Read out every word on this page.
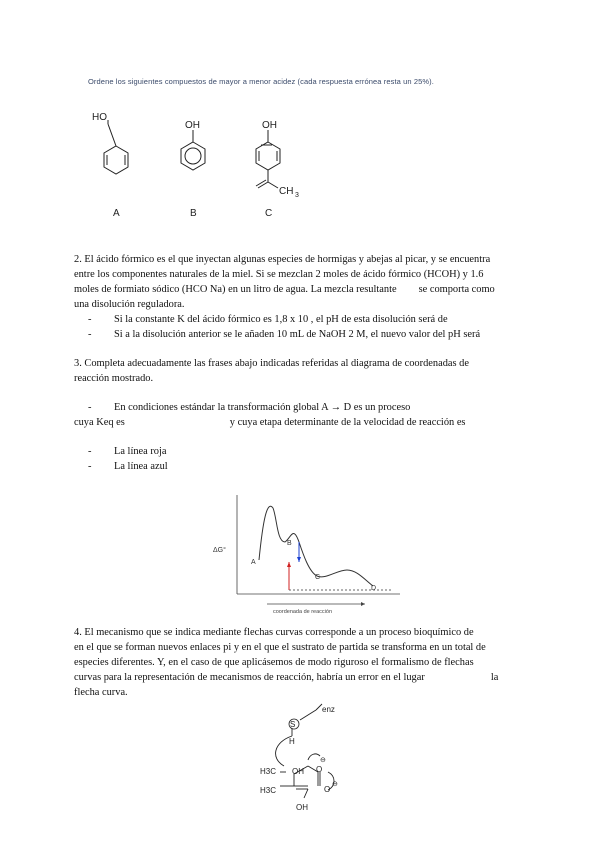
Ordene los siguientes compuestos de mayor a menor acidez (cada respuesta errónea resta un 25%).
HO
A
OH
B
OH
CH 3
C
2. El ácido fórmico es el que inyectan algunas especies de hormigas y abejas al picar, y se encuentra
entre los componentes naturales de la miel. Si se mezclan 2 moles de ácido fórmico (HCOH) y 1.6
moles de formiato sódico (HCO Na) en un litro de agua. La mezcla resultante se comporta como
una disolución reguladora.
- Si la constante K del ácido fórmico es 1,8 x 10 , el pH de esta disolución será de
- Si a la disolución anterior se le añaden 10 mL de NaOH 2 M, el nuevo valor del pH será
3. Completa adecuadamente las frases abajo indicadas referidas al diagrama de coordenadas de
reacción mostrado.
- En condiciones estándar la transformación global A → D es un proceso
cuya Keq es	y cuya etapa determinante de la velocidad de reacción es
- La línea roja
- La línea azul
ΔG°
coordenada de reacción
A
B
C
D
4. El mecanismo que se indica mediante flechas curvas corresponde a un proceso bioquímico de
en el que se forman nuevos enlaces pi y en el que el sustrato de partida se transforma en un total de
especies diferentes. Y, en el caso de que aplicásemos de modo riguroso el formalismo de flechas
curvas para la representación de mecanismos de reacción, habría un error en el lugar	la
flecha curva.
enz
S
H
H3C OH
H3C
O
⊖
O
⊖
OH
